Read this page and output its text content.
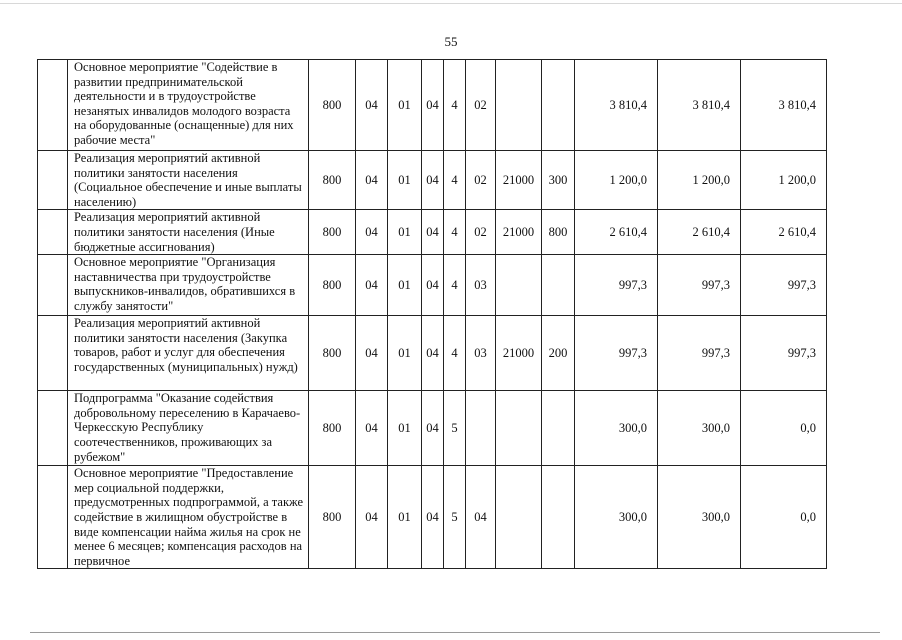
55
	Основное мероприятие "Содействие в развитии предпринимательской деятельности и в трудоустройстве незанятых инвалидов молодого возраста на оборудованные (оснащенные) для них рабочие места"	800	04	01	04	4	02			3 810,4	3 810,4	3 810,4
	Реализация мероприятий активной политики занятости населения (Социальное обеспечение и иные выплаты населению)	800	04	01	04	4	02	21000	300	1 200,0	1 200,0	1 200,0
	Реализация мероприятий активной политики занятости населения (Иные бюджетные ассигнования)	800	04	01	04	4	02	21000	800	2 610,4	2 610,4	2 610,4
	Основное мероприятие "Организация наставничества при трудоустройстве выпускников-инвалидов, обратившихся в службу занятости"	800	04	01	04	4	03			997,3	997,3	997,3
	Реализация мероприятий активной политики занятости населения (Закупка товаров, работ и услуг для обеспечения государственных (муниципальных) нужд)	800	04	01	04	4	03	21000	200	997,3	997,3	997,3
	Подпрограмма "Оказание содействия добровольному переселению в Карачаево-Черкесскую Республику соотечественников, проживающих за рубежом"	800	04	01	04	5				300,0	300,0	0,0
	Основное мероприятие "Предоставление мер социальной поддержки, предусмотренных подпрограммой, а также содействие в жилищном обустройстве в виде компенсации найма жилья на срок не менее 6 месяцев; компенсация расходов на первичное	800	04	01	04	5	04			300,0	300,0	0,0
